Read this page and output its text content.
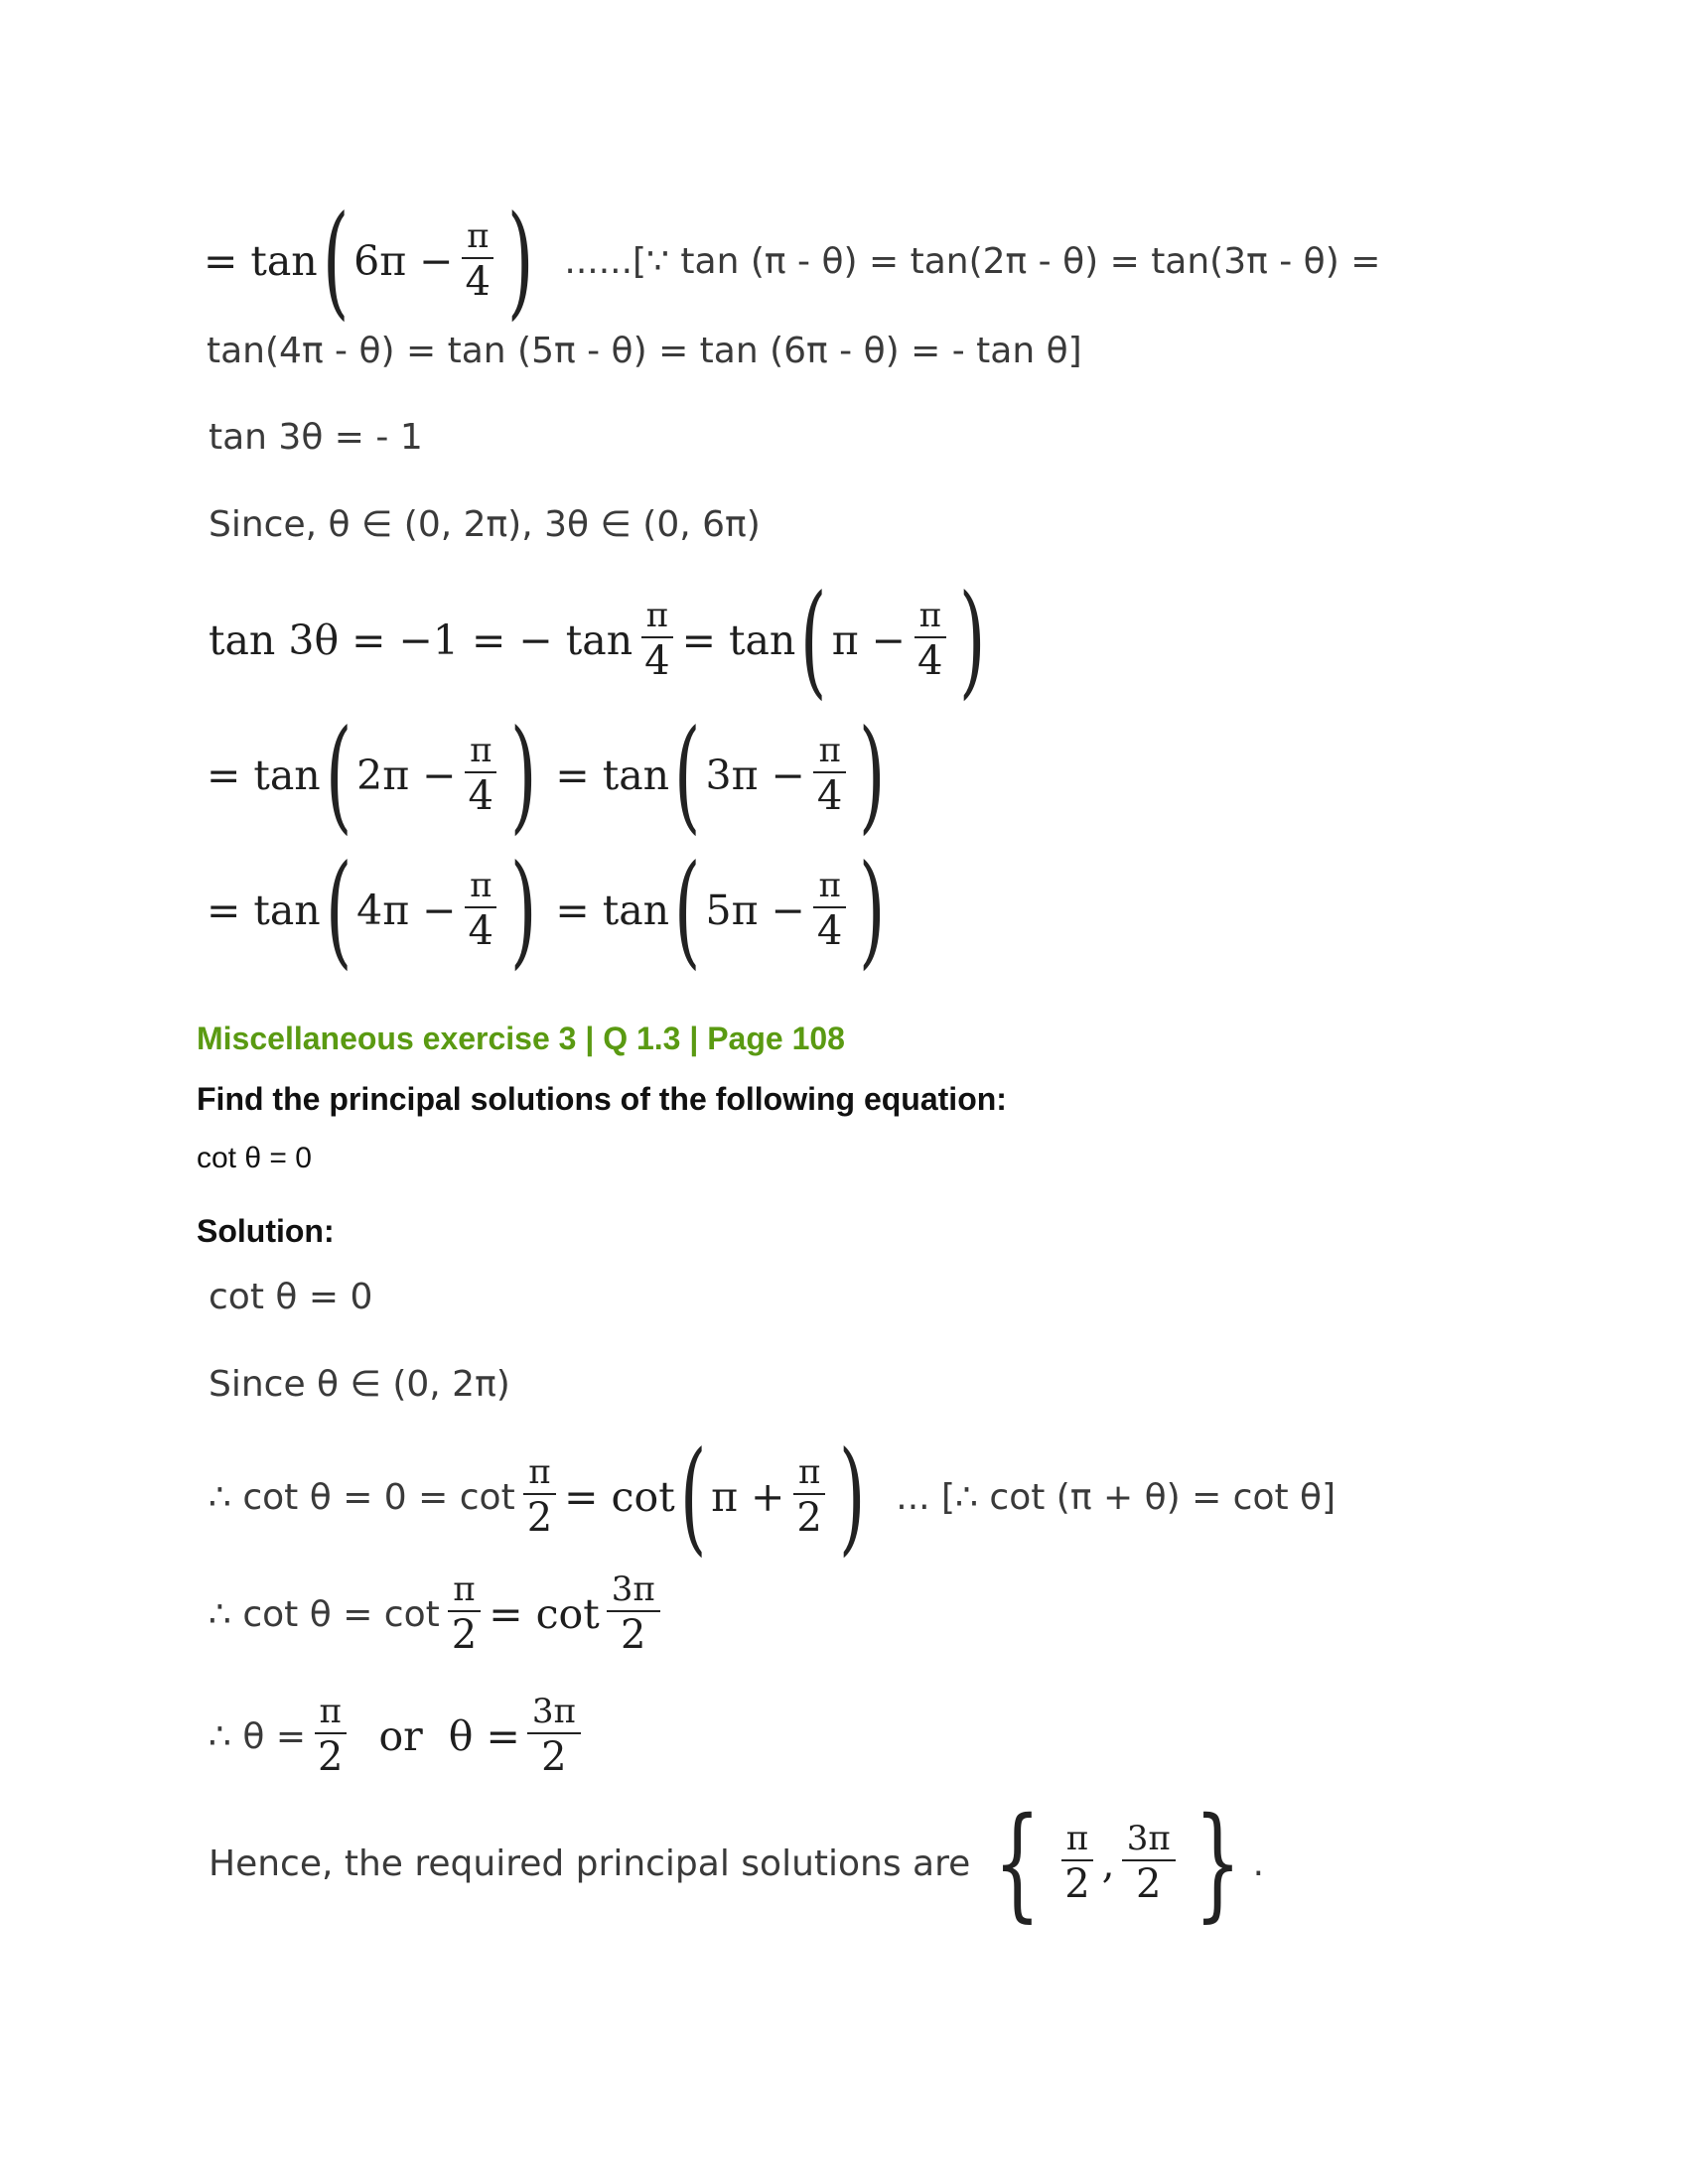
= tan ( $6\pi - \frac{\pi}{4}$ ) ......[∵ tan (π - θ) = tan(2π - θ) = tan(3π - θ) =
tan(4π - θ) = tan (5π - θ) = tan (6π - θ) = - tan θ]
tan 3θ = - 1
Since, θ ∈ (0, 2π), 3θ ∈ (0, 6π)
tan 3θ = −1 = − $\tan \frac{\pi}{4} = \tan$ ( $\pi - \frac{\pi}{4}$ )
= tan ( $2\pi - \frac{\pi}{4}$ ) = tan ( $3\pi - \frac{\pi}{4}$ )
= tan ( $4\pi - \frac{\pi}{4}$ ) = tan ( $5\pi - \frac{\pi}{4}$ )
Miscellaneous exercise 3 | Q 1.3 | Page 108
Find the principal solutions of the following equation:
cot θ = 0
Solution:
cot θ = 0
Since θ ∈ (0, 2π)
∴ $\cot \theta = 0 = \cot \frac{\pi}{2} = \cot$ ( $\pi + \frac{\pi}{2}$ ) ... [∴ cot (π + θ) = cot θ]
∴ $\cot \theta = \cot \frac{\pi}{2} = \cot \frac{3\pi}{2}$
∴ $\theta = \frac{\pi}{2}$ or  $\theta = \frac{3\pi}{2}$
Hence, the required principal solutions are { $\frac{\pi}{2}$ , $\frac{3\pi}{2}$ } .
